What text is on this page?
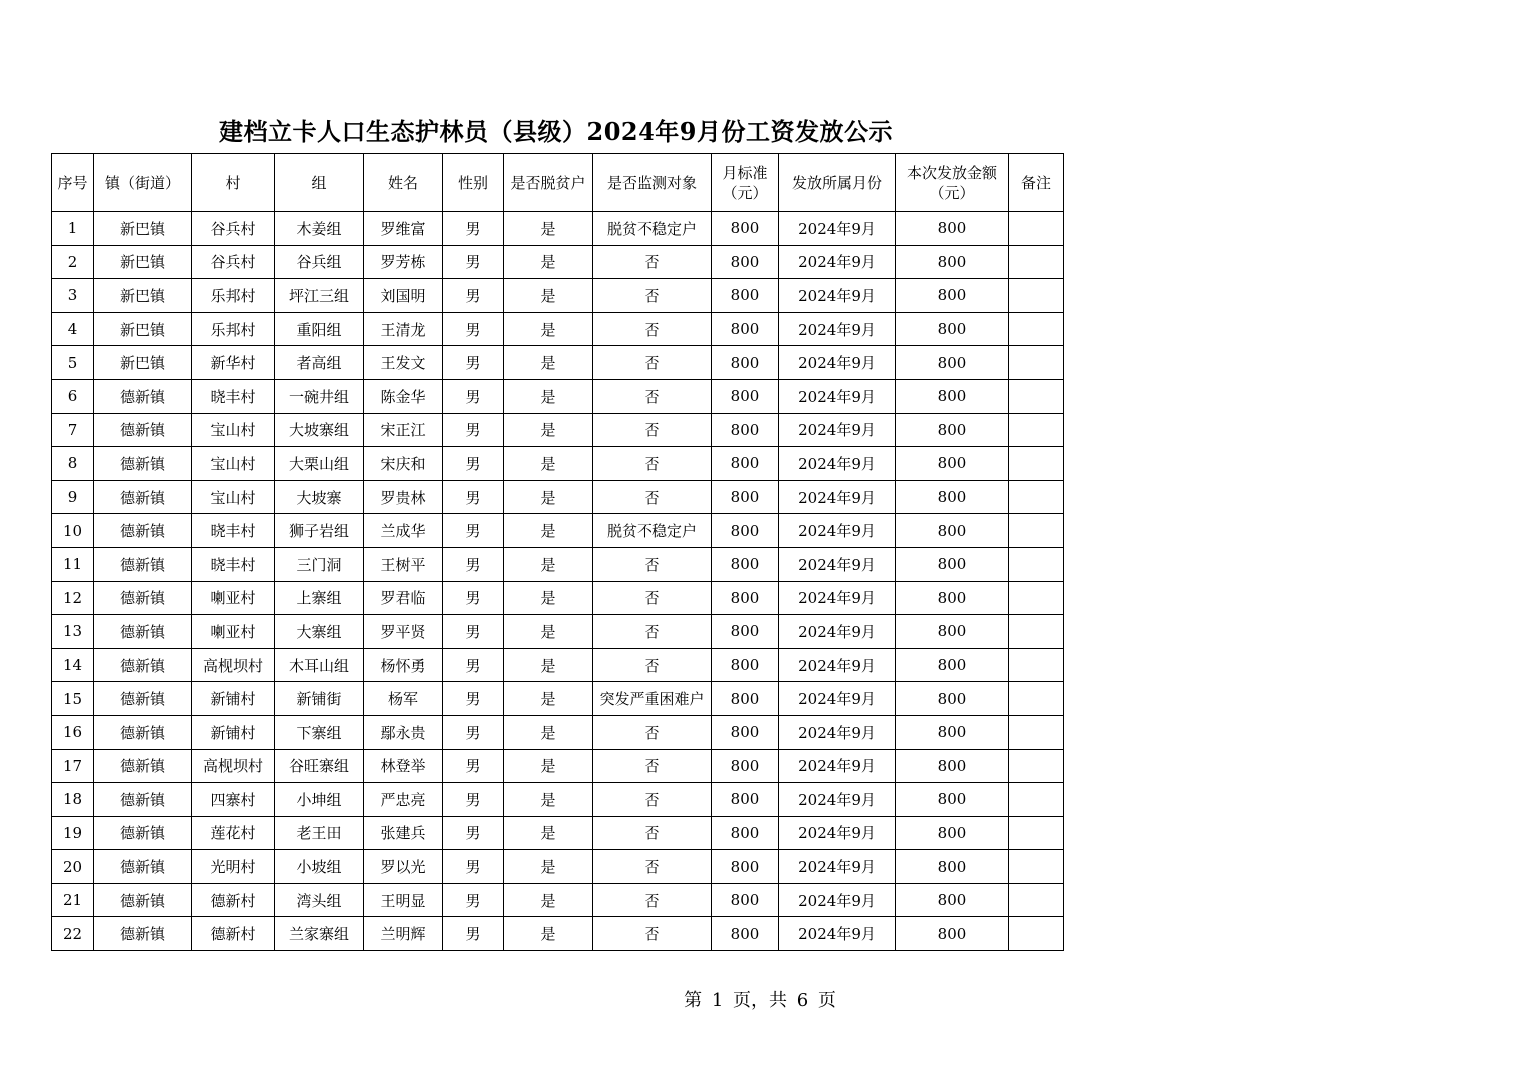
建档立卡人口生态护林员（县级）2024年9月份工资发放公示
序号	镇（街道）	村	组	姓名	性别	是否脱贫户	是否监测对象	月标准（元）	发放所属月份	本次发放金额（元）	备注
1	新巴镇	谷兵村	木姜组	罗维富	男	是	脱贫不稳定户	800	2024年9月	800	
2	新巴镇	谷兵村	谷兵组	罗芳栋	男	是	否	800	2024年9月	800	
3	新巴镇	乐邦村	坪江三组	刘国明	男	是	否	800	2024年9月	800	
4	新巴镇	乐邦村	重阳组	王清龙	男	是	否	800	2024年9月	800	
5	新巴镇	新华村	者高组	王发文	男	是	否	800	2024年9月	800	
6	德新镇	晓丰村	一碗井组	陈金华	男	是	否	800	2024年9月	800	
7	德新镇	宝山村	大坡寨组	宋正江	男	是	否	800	2024年9月	800	
8	德新镇	宝山村	大栗山组	宋庆和	男	是	否	800	2024年9月	800	
9	德新镇	宝山村	大坡寨	罗贵林	男	是	否	800	2024年9月	800	
10	德新镇	晓丰村	狮子岩组	兰成华	男	是	脱贫不稳定户	800	2024年9月	800	
11	德新镇	晓丰村	三门洞	王树平	男	是	否	800	2024年9月	800	
12	德新镇	喇亚村	上寨组	罗君临	男	是	否	800	2024年9月	800	
13	德新镇	喇亚村	大寨组	罗平贤	男	是	否	800	2024年9月	800	
14	德新镇	高枧坝村	木耳山组	杨怀勇	男	是	否	800	2024年9月	800	
15	德新镇	新铺村	新铺街	杨军	男	是	突发严重困难户	800	2024年9月	800	
16	德新镇	新铺村	下寨组	鄢永贵	男	是	否	800	2024年9月	800	
17	德新镇	高枧坝村	谷旺寨组	林登举	男	是	否	800	2024年9月	800	
18	德新镇	四寨村	小坤组	严忠亮	男	是	否	800	2024年9月	800	
19	德新镇	莲花村	老王田	张建兵	男	是	否	800	2024年9月	800	
20	德新镇	光明村	小坡组	罗以光	男	是	否	800	2024年9月	800	
21	德新镇	德新村	湾头组	王明显	男	是	否	800	2024年9月	800	
22	德新镇	德新村	兰家寨组	兰明辉	男	是	否	800	2024年9月	800	
第 1 页，共 6 页
